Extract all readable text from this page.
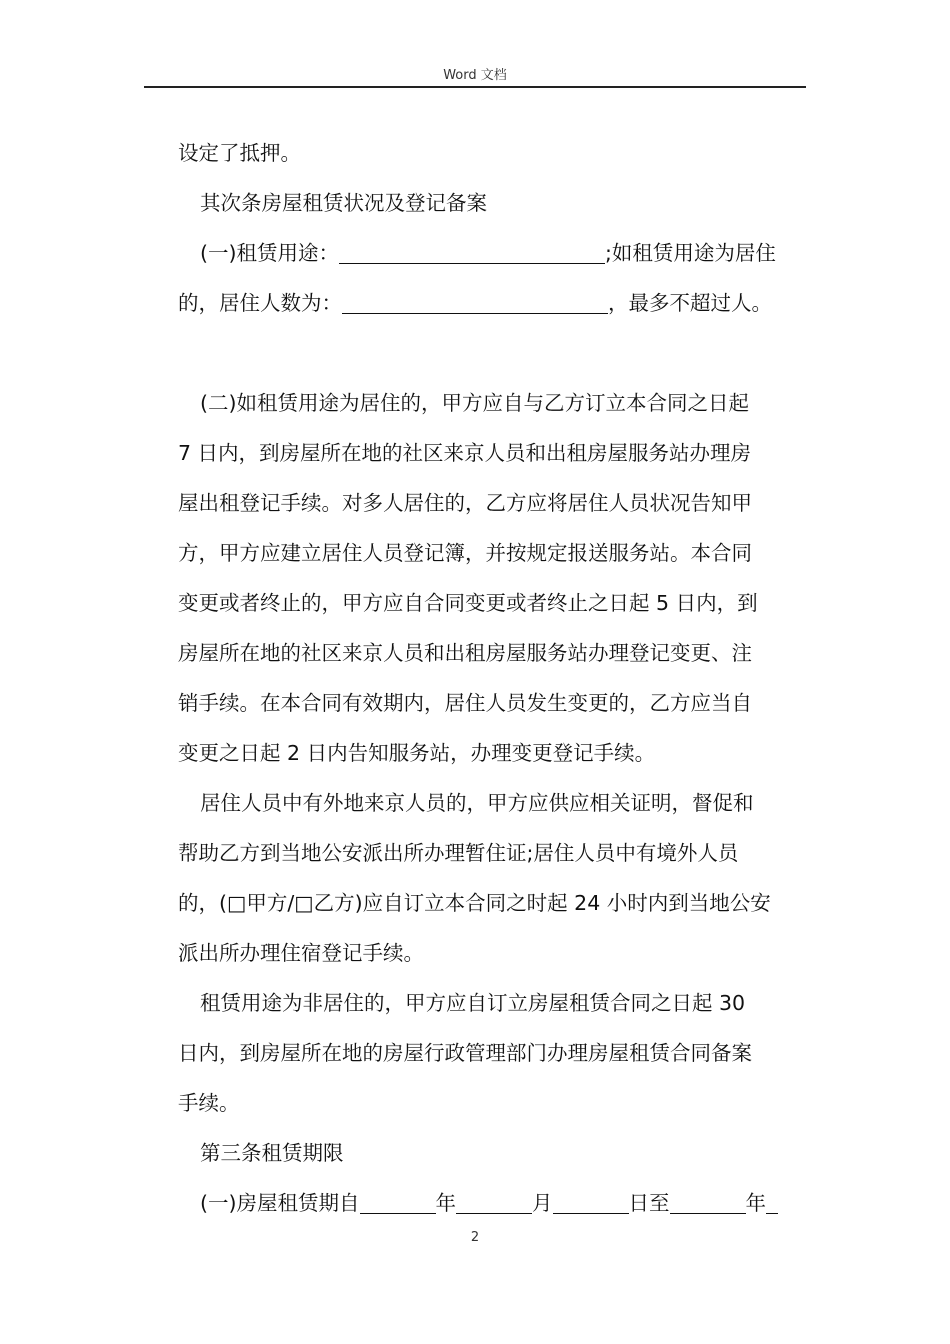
Word 文档
设定了抵押。
其次条房屋租赁状况及登记备案
(一)租赁用途：	;如租赁用途为居住
的，居住人数为：	，最多不超过人。
(二)如租赁用途为居住的，甲方应自与乙方订立本合同之日起
7 日内，到房屋所在地的社区来京人员和出租房屋服务站办理房
屋出租登记手续。对多人居住的，乙方应将居住人员状况告知甲
方，甲方应建立居住人员登记簿，并按规定报送服务站。本合同
变更或者终止的，甲方应自合同变更或者终止之日起 5 日内，到
房屋所在地的社区来京人员和出租房屋服务站办理登记变更、注
销手续。在本合同有效期内，居住人员发生变更的，乙方应当自
变更之日起 2 日内告知服务站，办理变更登记手续。
居住人员中有外地来京人员的，甲方应供应相关证明，督促和
帮助乙方到当地公安派出所办理暂住证;居住人员中有境外人员
的，(□甲方/□乙方)应自订立本合同之时起 24 小时内到当地公安
派出所办理住宿登记手续。
租赁用途为非居住的，甲方应自订立房屋租赁合同之日起 30
日内，到房屋所在地的房屋行政管理部门办理房屋租赁合同备案
手续。
第三条租赁期限
(一)房屋租赁期自	年	月	日至	年
2
